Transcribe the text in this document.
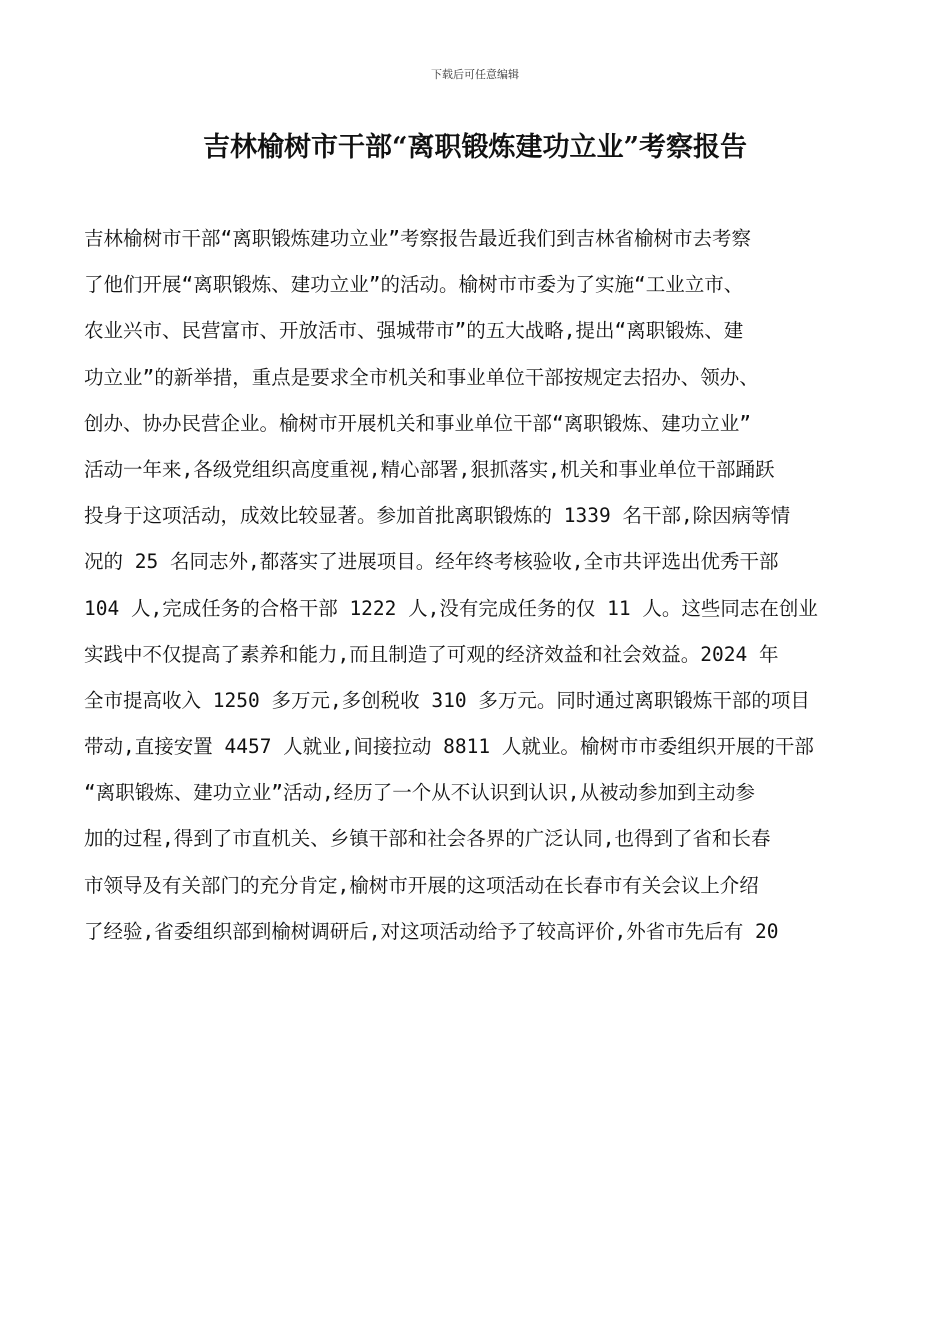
下载后可任意编辑
吉林榆树市干部“离职锻炼建功立业”考察报告
吉林榆树市干部“离职锻炼建功立业”考察报告最近我们到吉林省榆树市去考察
了他们开展“离职锻炼、建功立业”的活动。榆树市市委为了实施“工业立市、
农业兴市、民营富市、开放活市、强城带市”的五大战略,提出“离职锻炼、建
功立业”的新举措，重点是要求全市机关和事业单位干部按规定去招办、领办、
创办、协办民营企业。榆树市开展机关和事业单位干部“离职锻炼、建功立业”
活动一年来,各级党组织高度重视,精心部署,狠抓落实,机关和事业单位干部踊跃
投身于这项活动，成效比较显著。参加首批离职锻炼的 1339 名干部,除因病等情
况的 25 名同志外,都落实了进展项目。经年终考核验收,全市共评选出优秀干部
104 人,完成任务的合格干部 1222 人,没有完成任务的仅 11 人。这些同志在创业
实践中不仅提高了素养和能力,而且制造了可观的经济效益和社会效益。2024 年
全市提高收入 1250 多万元,多创税收 310 多万元。同时通过离职锻炼干部的项目
带动,直接安置 4457 人就业,间接拉动 8811 人就业。榆树市市委组织开展的干部
“离职锻炼、建功立业”活动,经历了一个从不认识到认识,从被动参加到主动参
加的过程,得到了市直机关、乡镇干部和社会各界的广泛认同,也得到了省和长春
市领导及有关部门的充分肯定,榆树市开展的这项活动在长春市有关会议上介绍
了经验,省委组织部到榆树调研后,对这项活动给予了较高评价,外省市先后有 20
